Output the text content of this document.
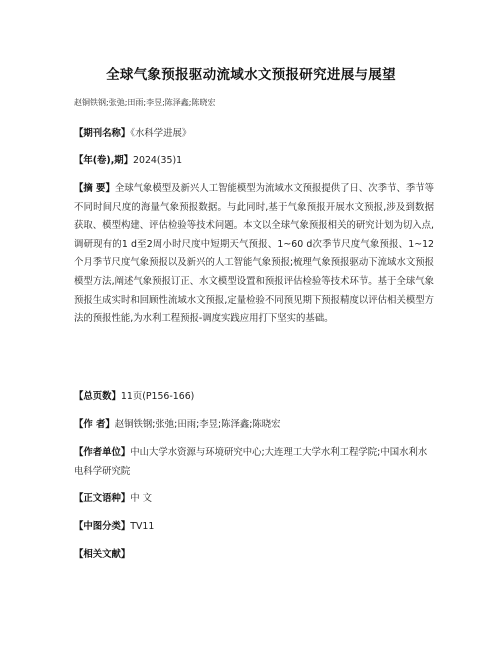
全球气象预报驱动流域水文预报研究进展与展望
赵铜铁钢;张弛;田雨;李昱;陈泽鑫;陈晓宏
【期刊名称】《水科学进展》
【年(卷),期】2024(35)1
【摘 要】全球气象模型及新兴人工智能模型为流域水文预报提供了日、次季节、季节等不同时间尺度的海量气象预报数据。与此同时,基于气象预报开展水文预报,涉及到数据获取、模型构建、评估检验等技术问题。本文以全球气象预报相关的研究计划为切入点,调研现有的1 d至2周小时尺度中短期天气预报、1~60 d次季节尺度气象预报、1~12个月季节尺度气象预报以及新兴的人工智能气象预报;梳理气象预报驱动下流域水文预报模型方法,阐述气象预报订正、水文模型设置和预报评估检验等技术环节。基于全球气象预报生成实时和回顾性流域水文预报,定量检验不同预见期下预报精度以评估相关模型方法的预报性能,为水利工程预报-调度实践应用打下坚实的基础。
【总页数】11页(P156-166)
【作 者】赵铜铁钢;张弛;田雨;李昱;陈泽鑫;陈晓宏
【作者单位】中山大学水资源与环境研究中心;大连理工大学水利工程学院;中国水利水电科学研究院
【正文语种】中 文
【中图分类】TV11
【相关文献】
